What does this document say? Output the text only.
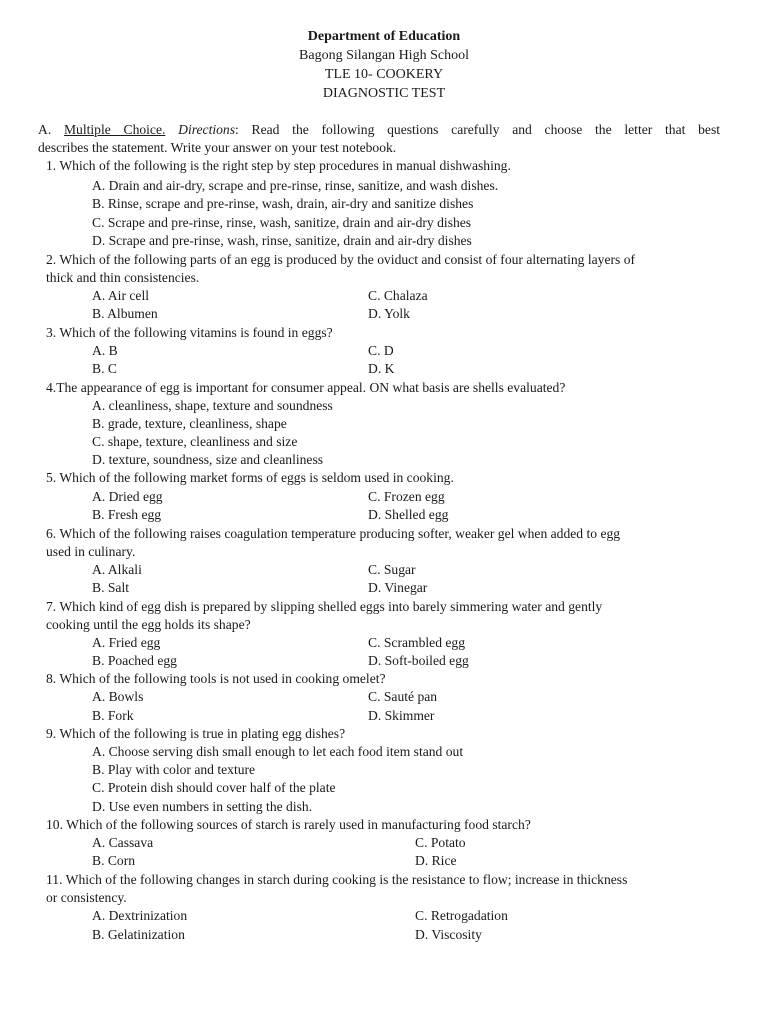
Department of Education
Bagong Silangan High School
TLE 10- COOKERY
DIAGNOSTIC TEST
A. Multiple Choice. Directions: Read the following questions carefully and choose the letter that best
describes the statement. Write your answer on your test notebook.
1. Which of the following is the right step by step procedures in manual dishwashing.
A. Drain and air-dry, scrape and pre-rinse, rinse, sanitize, and wash dishes.
B. Rinse, scrape and pre-rinse, wash, drain, air-dry and sanitize dishes
C. Scrape and pre-rinse, rinse, wash, sanitize, drain and air-dry dishes
D. Scrape and pre-rinse, wash, rinse, sanitize, drain and air-dry dishes
2. Which of the following parts of an egg is produced by the oviduct and consist of four alternating layers of
thick and thin consistencies.
A. Air cell	C. Chalaza
B. Albumen	D. Yolk
3. Which of the following vitamins is found in eggs?
A. B	C. D
B. C	D. K
4.The appearance of egg is important for consumer appeal. ON what basis are shells evaluated?
A. cleanliness, shape, texture and soundness
B. grade, texture, cleanliness, shape
C. shape, texture, cleanliness and size
D. texture, soundness, size and cleanliness
5. Which of the following market forms of eggs is seldom used in cooking.
A. Dried egg	C. Frozen egg
B. Fresh egg	D. Shelled egg
6. Which of the following raises coagulation temperature producing softer, weaker gel when added to egg
used in culinary.
A. Alkali	C. Sugar
B. Salt	D. Vinegar
7. Which kind of egg dish is prepared by slipping shelled eggs into barely simmering water and gently
cooking until the egg holds its shape?
A. Fried egg	C. Scrambled egg
B. Poached egg	D. Soft-boiled egg
8. Which of the following tools is not used in cooking omelet?
A. Bowls	C. Sauté pan
B. Fork	D. Skimmer
9. Which of the following is true in plating egg dishes?
A. Choose serving dish small enough to let each food item stand out
B. Play with color and texture
C. Protein dish should cover half of the plate
D. Use even numbers in setting the dish.
10. Which of the following sources of starch is rarely used in manufacturing food starch?
A. Cassava	C. Potato
B. Corn	D. Rice
11. Which of the following changes in starch during cooking is the resistance to flow; increase in thickness
or consistency.
A. Dextrinization	C. Retrogadation
B. Gelatinization	D. Viscosity
